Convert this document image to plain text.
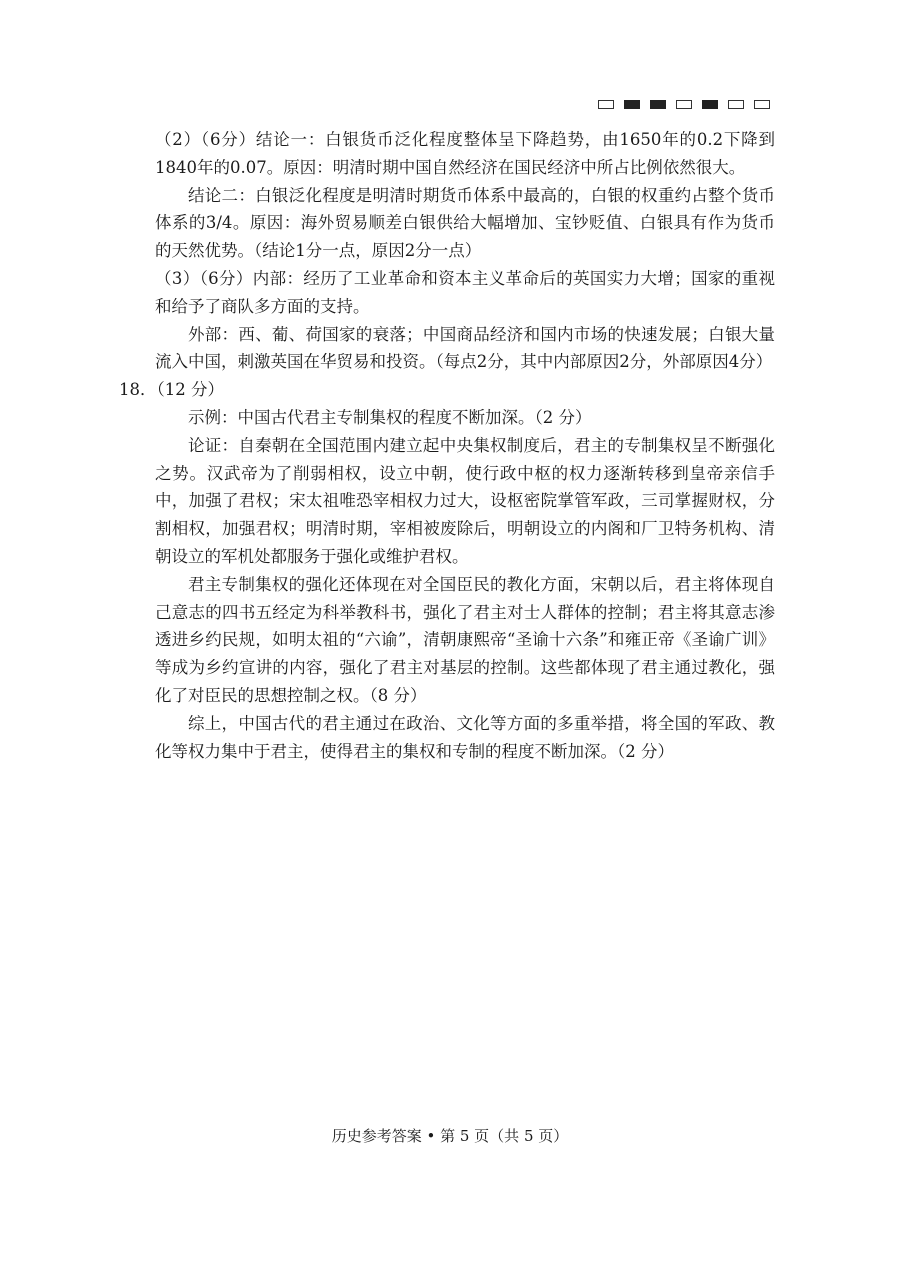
（2）（6分）结论一：白银货币泛化程度整体呈下降趋势，由1650年的0.2下降到1840年的0.07。原因：明清时期中国自然经济在国民经济中所占比例依然很大。

结论二：白银泛化程度是明清时期货币体系中最高的，白银的权重约占整个货币体系的3/4。原因：海外贸易顺差白银供给大幅增加、宝钞贬值、白银具有作为货币的天然优势。（结论1分一点，原因2分一点）

（3）（6分）内部：经历了工业革命和资本主义革命后的英国实力大增；国家的重视和给予了商队多方面的支持。

外部：西、葡、荷国家的衰落；中国商品经济和国内市场的快速发展；白银大量流入中国，刺激英国在华贸易和投资。（每点2分，其中内部原因2分，外部原因4分）

18．（12 分）

示例：中国古代君主专制集权的程度不断加深。（2 分）

论证：自秦朝在全国范围内建立起中央集权制度后，君主的专制集权呈不断强化之势。汉武帝为了削弱相权，设立中朝，使行政中枢的权力逐渐转移到皇帝亲信手中，加强了君权；宋太祖唯恐宰相权力过大，设枢密院掌管军政，三司掌握财权，分割相权，加强君权；明清时期，宰相被废除后，明朝设立的内阁和厂卫特务机构、清朝设立的军机处都服务于强化或维护君权。

君主专制集权的强化还体现在对全国臣民的教化方面，宋朝以后，君主将体现自己意志的四书五经定为科举教科书，强化了君主对士人群体的控制；君主将其意志渗透进乡约民规，如明太祖的“六谕”，清朝康熙帝“圣谕十六条”和雍正帝《圣谕广训》等成为乡约宣讲的内容，强化了君主对基层的控制。这些都体现了君主通过教化，强化了对臣民的思想控制之权。（8 分）

综上，中国古代的君主通过在政治、文化等方面的多重举措，将全国的军政、教化等权力集中于君主，使得君主的集权和专制的程度不断加深。（2 分）

历史参考答案 • 第 5 页（共 5 页）
